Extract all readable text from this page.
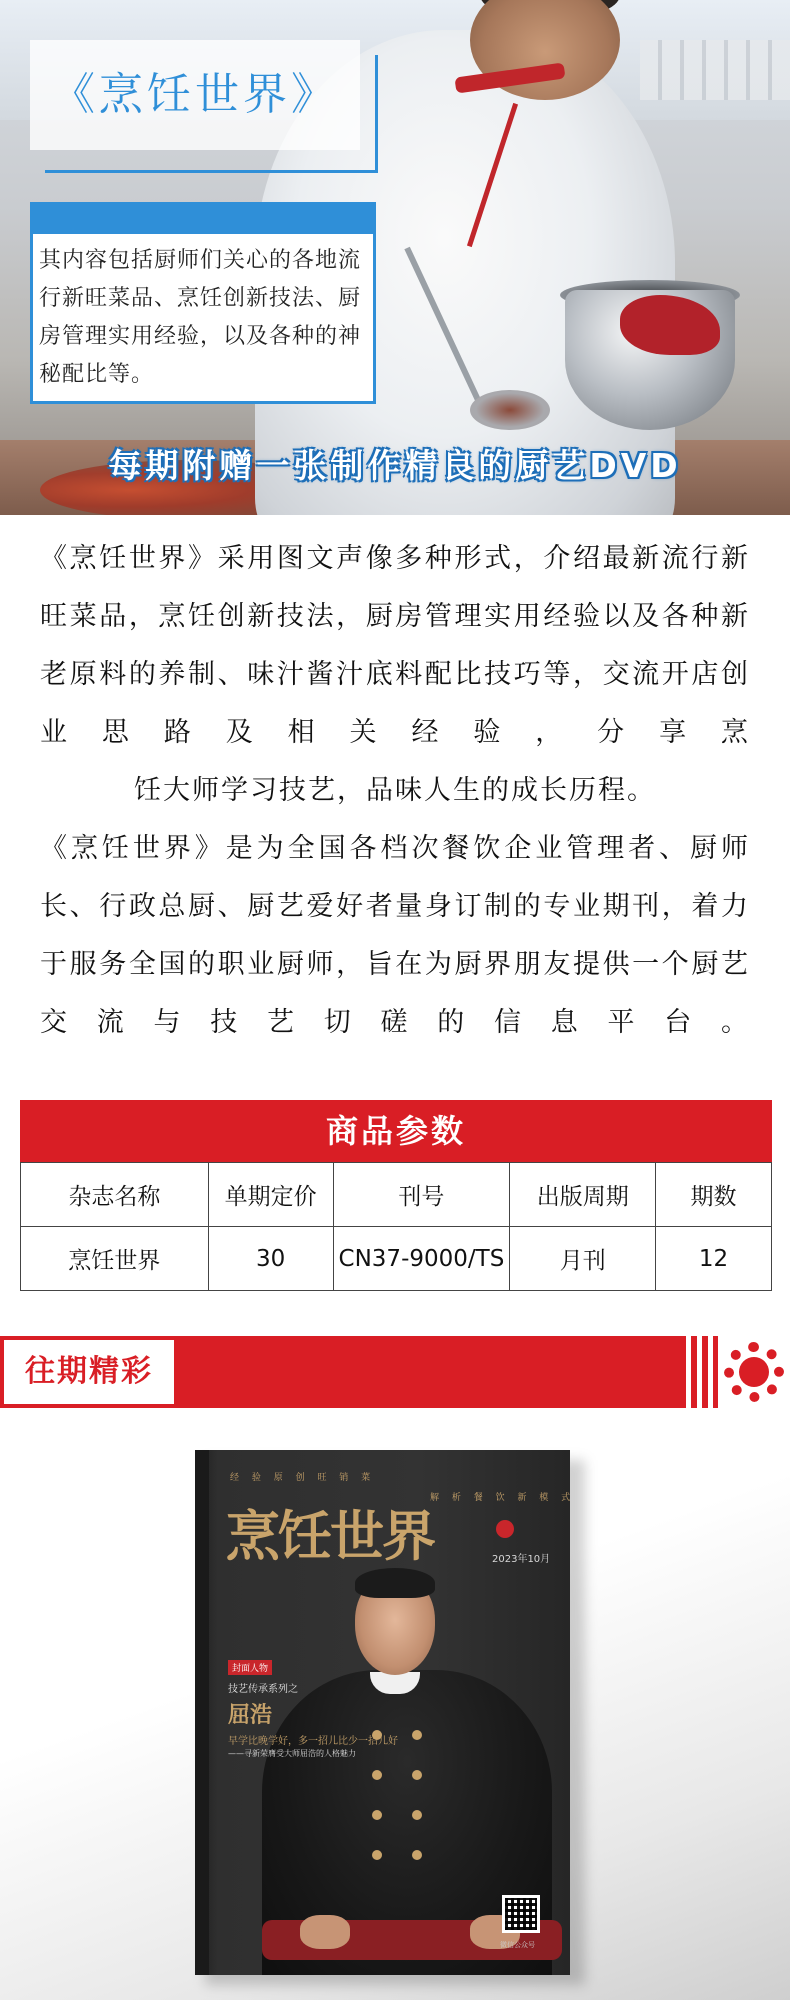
《烹饪世界》
其内容包括厨师们关心的各地流行新旺菜品、烹饪创新技法、厨房管理实用经验，以及各种的神秘配比等。
每期附赠一张制作精良的厨艺DVD

《烹饪世界》采用图文声像多种形式，介绍最新流行新旺菜品，烹饪创新技法，厨房管理实用经验以及各种新老原料的养制、味汁酱汁底料配比技巧等，交流开店创业思路及相关经验，分享烹

饪大师学习技艺，品味人生的成长历程。

《烹饪世界》是为全国各档次餐饮企业管理者、厨师长、行政总厨、厨艺爱好者量身订制的专业期刊，着力于服务全国的职业厨师，旨在为厨界朋友提供一个厨艺交流与技艺切磋的信息平台。

商品参数
杂志名称	单期定价	刊号	出版周期	期数
烹饪世界	30	CN37-9000/TS	月刊	12
往期精彩
经 验 原 创 旺 销 菜
解 析 餐 饮 新 模 式
烹饪世界	2023年10月
封面人物
技艺传承系列之
屈浩
早学比晚学好，多一招儿比少一招儿好
——寻新荣膺受大师屈浩的人格魅力
微信公众号
